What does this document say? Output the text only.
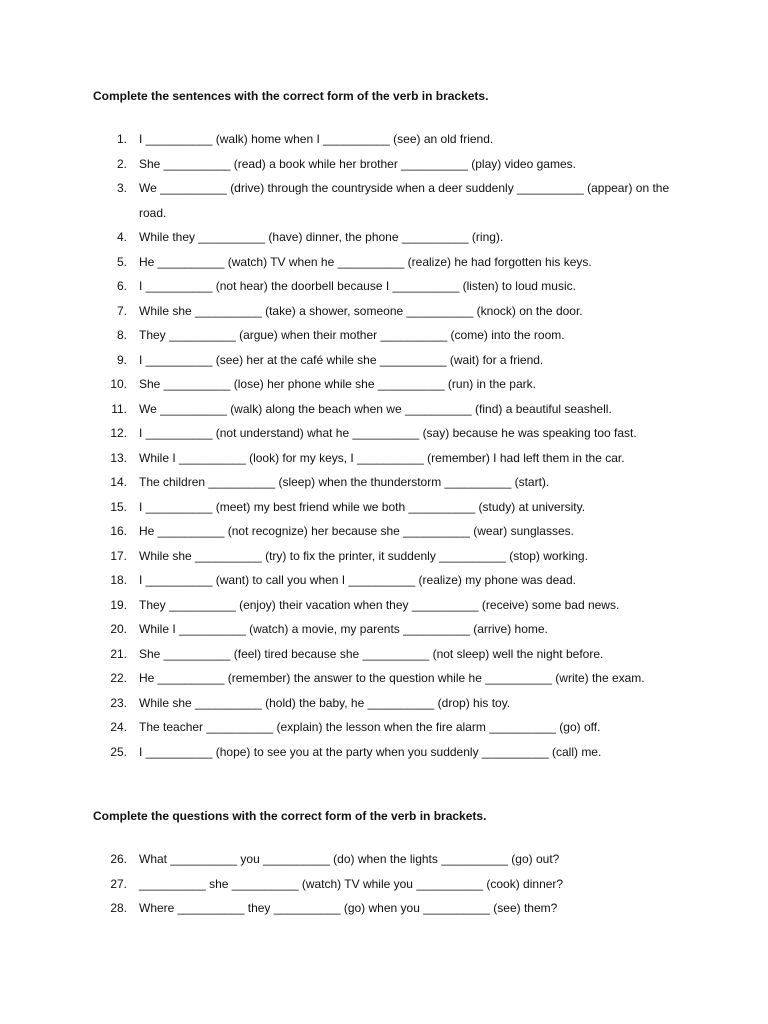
Complete the sentences with the correct form of the verb in brackets.
1. I __________ (walk) home when I __________ (see) an old friend.
2. She __________ (read) a book while her brother __________ (play) video games.
3. We __________ (drive) through the countryside when a deer suddenly __________ (appear) on the road.
4. While they __________ (have) dinner, the phone __________ (ring).
5. He __________ (watch) TV when he __________ (realize) he had forgotten his keys.
6. I __________ (not hear) the doorbell because I __________ (listen) to loud music.
7. While she __________ (take) a shower, someone __________ (knock) on the door.
8. They __________ (argue) when their mother __________ (come) into the room.
9. I __________ (see) her at the café while she __________ (wait) for a friend.
10. She __________ (lose) her phone while she __________ (run) in the park.
11. We __________ (walk) along the beach when we __________ (find) a beautiful seashell.
12. I __________ (not understand) what he __________ (say) because he was speaking too fast.
13. While I __________ (look) for my keys, I __________ (remember) I had left them in the car.
14. The children __________ (sleep) when the thunderstorm __________ (start).
15. I __________ (meet) my best friend while we both __________ (study) at university.
16. He __________ (not recognize) her because she __________ (wear) sunglasses.
17. While she __________ (try) to fix the printer, it suddenly __________ (stop) working.
18. I __________ (want) to call you when I __________ (realize) my phone was dead.
19. They __________ (enjoy) their vacation when they __________ (receive) some bad news.
20. While I __________ (watch) a movie, my parents __________ (arrive) home.
21. She __________ (feel) tired because she __________ (not sleep) well the night before.
22. He __________ (remember) the answer to the question while he __________ (write) the exam.
23. While she __________ (hold) the baby, he __________ (drop) his toy.
24. The teacher __________ (explain) the lesson when the fire alarm __________ (go) off.
25. I __________ (hope) to see you at the party when you suddenly __________ (call) me.
Complete the questions with the correct form of the verb in brackets.
26. What __________ you __________ (do) when the lights __________ (go) out?
27. __________ she __________ (watch) TV while you __________ (cook) dinner?
28. Where __________ they __________ (go) when you __________ (see) them?
